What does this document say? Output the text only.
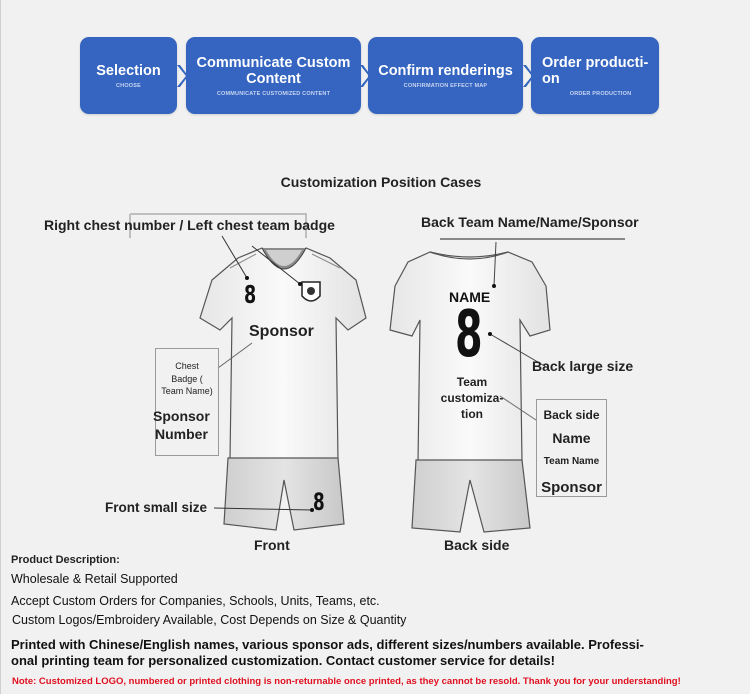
Selection
CHOOSE
Communicate Custom Content
COMMUNICATE CUSTOMIZED CONTENT
Confirm renderings
CONFIRMATION EFFECT MAP
Order producti-on
ORDER PRODUCTION
Customization Position Cases
Right chest number / Left chest team badge
8
Sponsor
Chest
Badge (
Team Name)
Sponsor
Number
Front small size	8
Front
Back Team Name/Name/Sponsor
NAME
8	Back large size
Team
customiza-
tion	Back side
Name
Team Name
Sponsor
Back side
Product Description:
Wholesale & Retail Supported
Accept Custom Orders for Companies, Schools, Units, Teams, etc.
Custom Logos/Embroidery Available, Cost Depends on Size & Quantity
Printed with Chinese/English names, various sponsor ads, different sizes/numbers available. Professi-
onal printing team for personalized customization. Contact customer service for details!
Note: Customized LOGO, numbered or printed clothing is non-returnable once printed, as they cannot be resold. Thank you for your understanding!
